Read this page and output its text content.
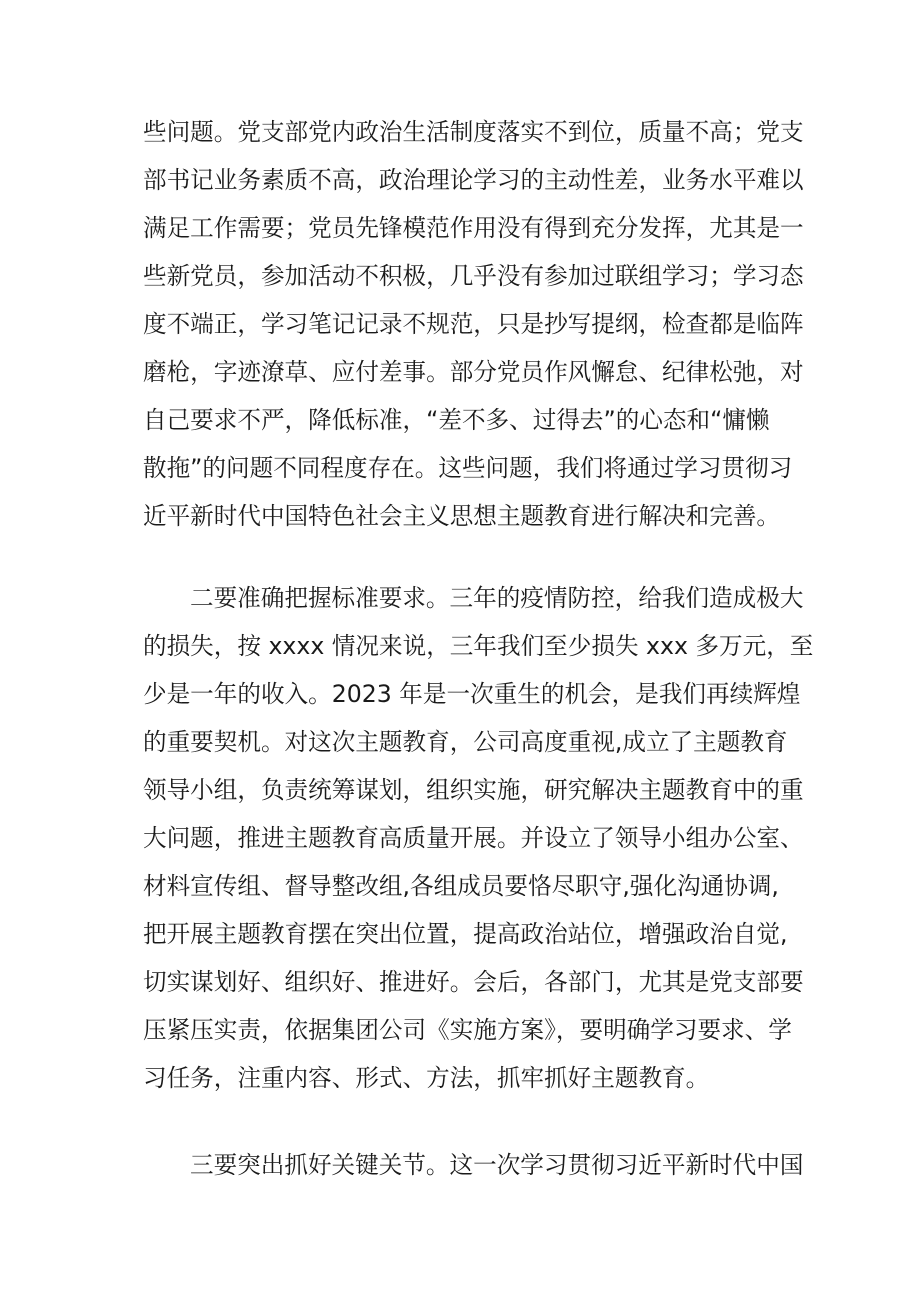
些问题。党支部党内政治生活制度落实不到位，质量不高；党支
部书记业务素质不高，政治理论学习的主动性差，业务水平难以
满足工作需要；党员先锋模范作用没有得到充分发挥，尤其是一
些新党员，参加活动不积极，几乎没有参加过联组学习；学习态
度不端正，学习笔记记录不规范，只是抄写提纲，检查都是临阵
磨枪，字迹潦草、应付差事。部分党员作风懈怠、纪律松弛，对
自己要求不严，降低标准，“差不多、过得去”的心态和“慵懒
散拖”的问题不同程度存在。这些问题，我们将通过学习贯彻习
近平新时代中国特色社会主义思想主题教育进行解决和完善。
二要准确把握标准要求。三年的疫情防控，给我们造成极大
的损失，按 xxxx 情况来说，三年我们至少损失 xxx 多万元，至
少是一年的收入。2023 年是一次重生的机会，是我们再续辉煌
的重要契机。对这次主题教育，公司高度重视,成立了主题教育
领导小组，负责统筹谋划，组织实施，研究解决主题教育中的重
大问题，推进主题教育高质量开展。并设立了领导小组办公室、
材料宣传组、督导整改组,各组成员要恪尽职守,强化沟通协调,
把开展主题教育摆在突出位置，提高政治站位，增强政治自觉,
切实谋划好、组织好、推进好。会后，各部门，尤其是党支部要
压紧压实责，依据集团公司《实施方案》，要明确学习要求、学
习任务，注重内容、形式、方法，抓牢抓好主题教育。
三要突出抓好关键关节。这一次学习贯彻习近平新时代中国
